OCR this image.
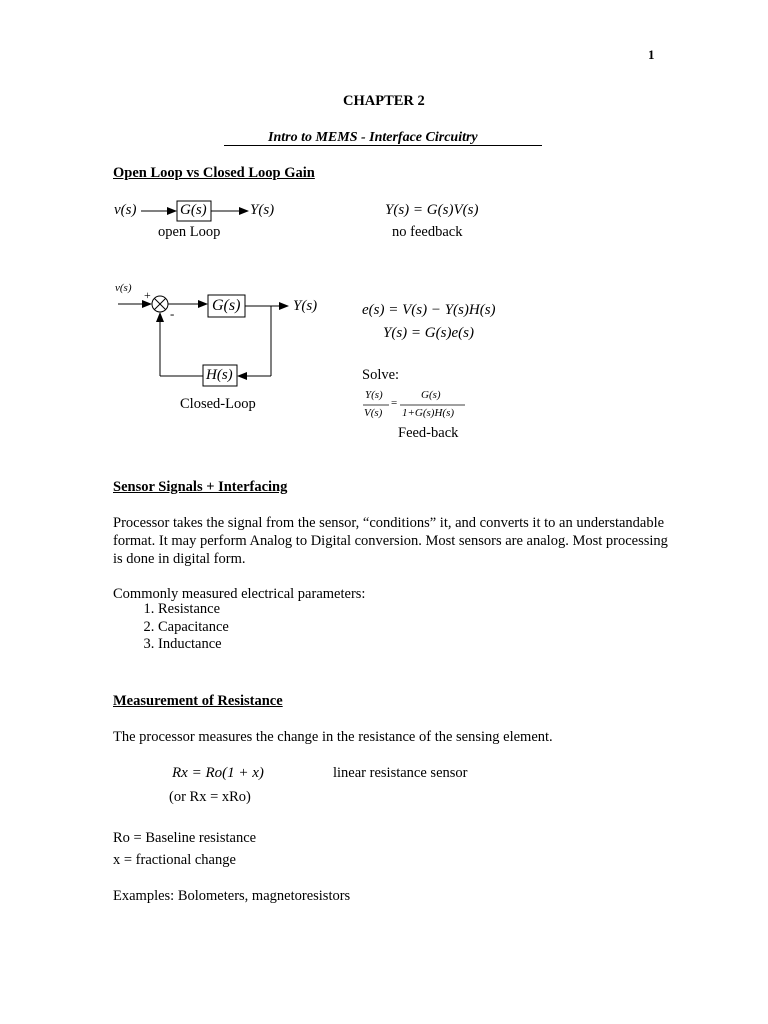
1
CHAPTER 2
Intro to MEMS - Interface Circuitry
Open Loop vs Closed Loop Gain
v(s)	G(s)	Y(s)
open Loop
Y(s) = G(s)V(s)
no feedback
v(s) +
- G(s)	Y(s)
H(s)
Closed-Loop
e(s) = V(s) − Y(s)H(s)
Y(s) = G(s)e(s)
Solve:
Y(s)
V(s)
=
G(s)
1+G(s)H(s)
Feed-back
Sensor Signals + Interfacing
Processor takes the signal from the sensor, “conditions” it, and converts it to an understandable format. It may perform Analog to Digital conversion. Most sensors are analog. Most processing is done in digital form.
Commonly measured electrical parameters:
1. Resistance
2. Capacitance
3. Inductance
Measurement of Resistance
The processor measures the change in the resistance of the sensing element.
Rx = Ro(1 + x)	linear resistance sensor
(or Rx = xRo)
Ro = Baseline resistance
x = fractional change
Examples: Bolometers, magnetoresistors
